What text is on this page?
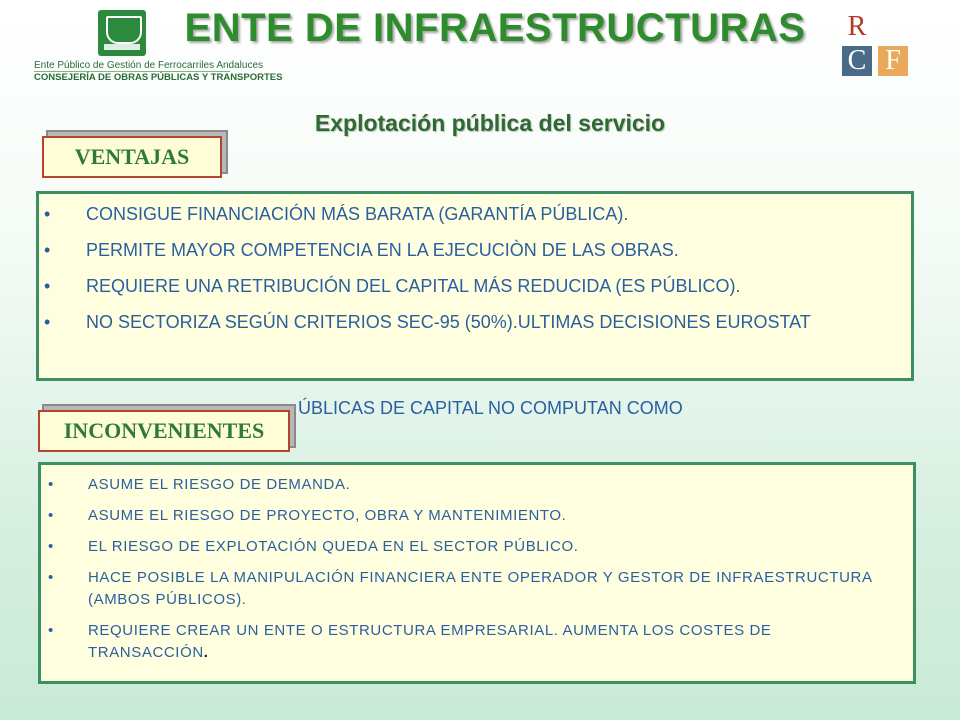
Ente Público de Gestión de Ferrocarriles Andaluces
CONSEJERÍA DE OBRAS PÚBLICAS Y TRANSPORTES
ENTE DE INFRAESTRUCTURAS	R
C F
Explotación pública del servicio
• CONSIGUE FINANCIACIÓN MÁS BARATA (GARANTÍA PÚBLICA).
• PERMITE MAYOR COMPETENCIA EN LA EJECUCIÒN DE LAS OBRAS.
• REQUIERE UNA RETRIBUCIÓN DEL CAPITAL MÁS REDUCIDA (ES PÚBLICO).
• NO SECTORIZA SEGÚN CRITERIOS SEC-95 (50%).ULTIMAS DECISIONES EUROSTAT
ÚBLICAS DE CAPITAL NO COMPUTAN COMO
VENTAJAS
INCONVENIENTES
• ASUME EL RIESGO DE DEMANDA.
• ASUME EL RIESGO DE PROYECTO, OBRA Y MANTENIMIENTO.
• EL RIESGO DE EXPLOTACIÓN QUEDA EN EL SECTOR PÚBLICO.
• HACE POSIBLE LA MANIPULACIÓN FINANCIERA ENTE OPERADOR Y GESTOR DE INFRAESTRUCTURA (AMBOS PÚBLICOS).
• REQUIERE CREAR UN ENTE O ESTRUCTURA EMPRESARIAL. AUMENTA LOS COSTES DE TRANSACCIÓN.
